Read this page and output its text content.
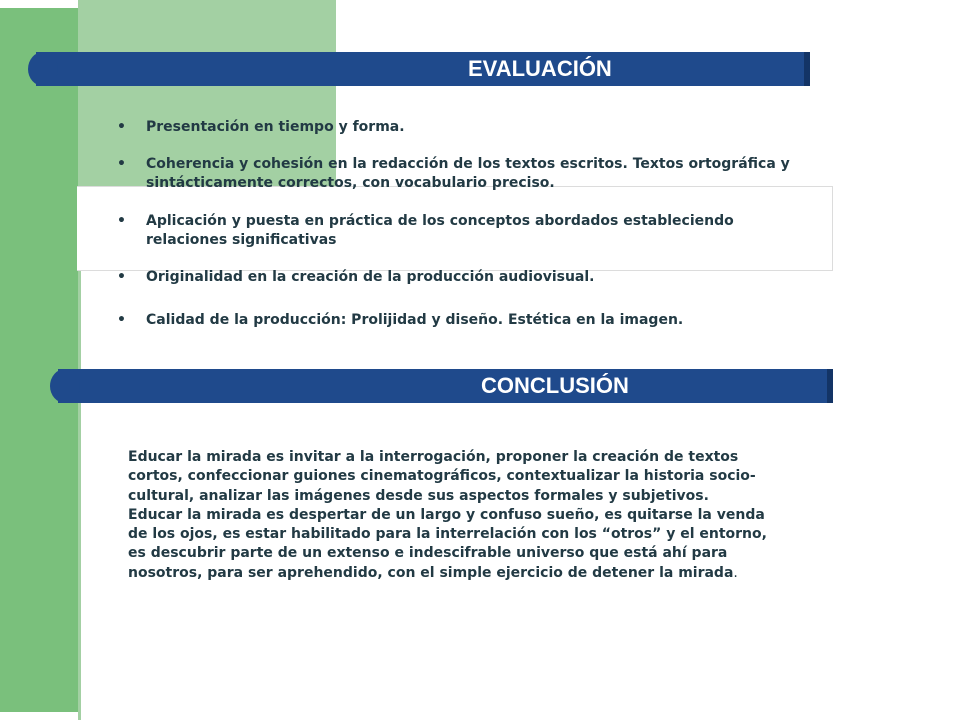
EVALUACIÓN
• Presentación en tiempo y forma.
• Coherencia y cohesión en la redacción de los textos escritos. Textos ortográfica y
sintácticamente correctos, con vocabulario preciso.
• Aplicación y puesta en práctica de los conceptos abordados estableciendo
relaciones significativas
• Originalidad en la creación de la producción audiovisual.
• Calidad de la producción: Prolijidad y diseño. Estética en la imagen.
CONCLUSIÓN
Educar la mirada es invitar a la interrogación, proponer la creación de textos
cortos, confeccionar guiones cinematográficos, contextualizar la historia socio-
cultural, analizar las imágenes desde sus aspectos formales y subjetivos.
Educar la mirada es despertar de un largo y confuso sueño, es quitarse la venda
de los ojos, es estar habilitado para la interrelación con los “otros” y el entorno,
es descubrir parte de un extenso e indescifrable universo que está ahí para
nosotros, para ser aprehendido, con el simple ejercicio de detener la mirada.
